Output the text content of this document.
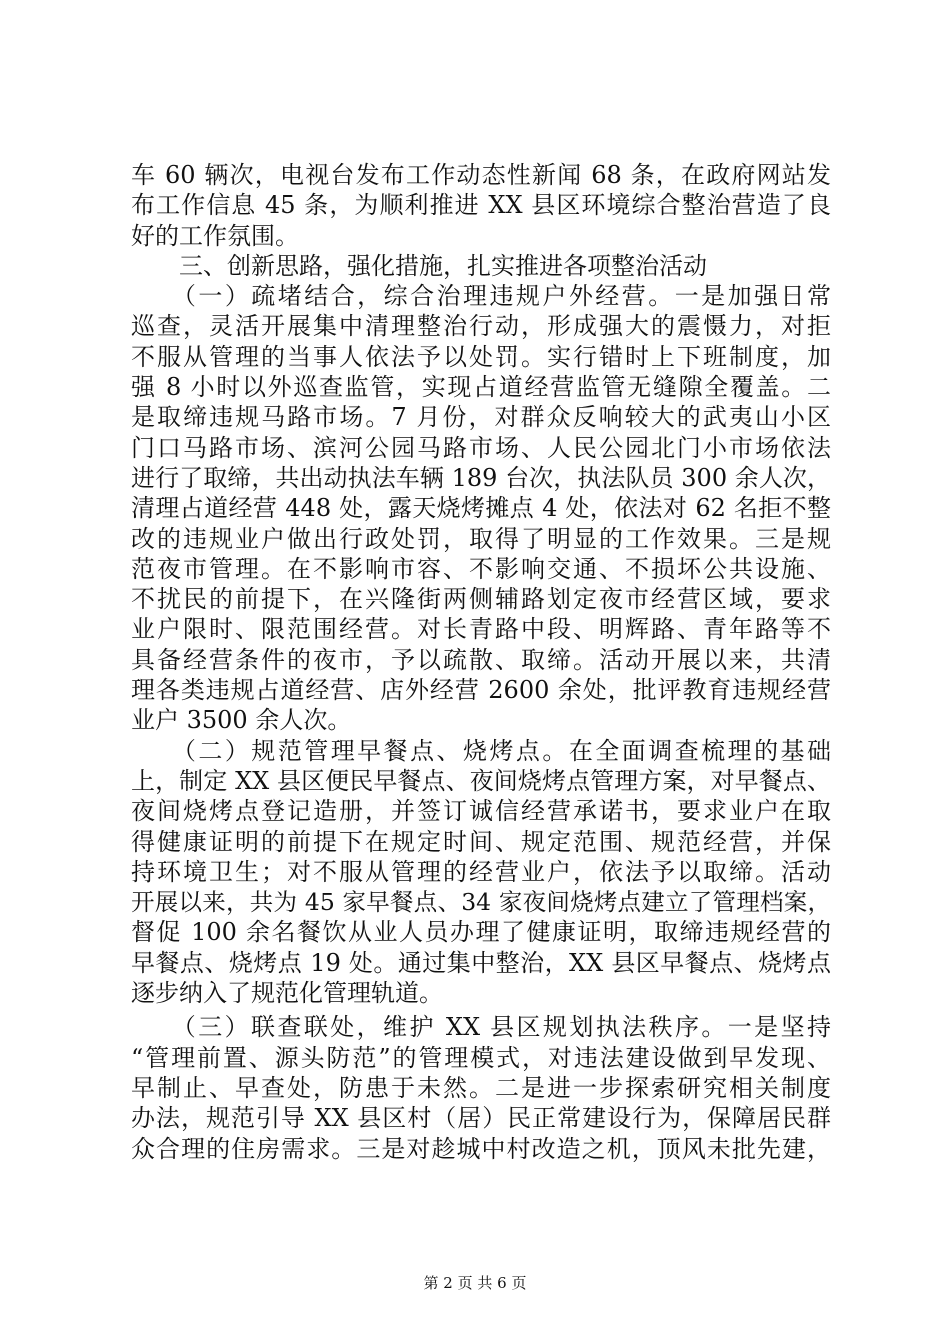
车 60 辆次，电视台发布工作动态性新闻 68 条，在政府网站发
布工作信息 45 条，为顺利推进 XX 县区环境综合整治营造了良
好的工作氛围。
　　三、创新思路，强化措施，扎实推进各项整治活动
　　（一）疏堵结合，综合治理违规户外经营。一是加强日常
巡查，灵活开展集中清理整治行动，形成强大的震慑力，对拒
不服从管理的当事人依法予以处罚。实行错时上下班制度，加
强 8 小时以外巡查监管，实现占道经营监管无缝隙全覆盖。二
是取缔违规马路市场。7 月份，对群众反响较大的武夷山小区
门口马路市场、滨河公园马路市场、人民公园北门小市场依法
进行了取缔，共出动执法车辆 189 台次，执法队员 300 余人次，
清理占道经营 448 处，露天烧烤摊点 4 处，依法对 62 名拒不整
改的违规业户做出行政处罚，取得了明显的工作效果。三是规
范夜市管理。在不影响市容、不影响交通、不损坏公共设施、
不扰民的前提下，在兴隆街两侧辅路划定夜市经营区域，要求
业户限时、限范围经营。对长青路中段、明辉路、青年路等不
具备经营条件的夜市，予以疏散、取缔。活动开展以来，共清
理各类违规占道经营、店外经营 2600 余处，批评教育违规经营
业户 3500 余人次。
　　（二）规范管理早餐点、烧烤点。在全面调查梳理的基础
上，制定 XX 县区便民早餐点、夜间烧烤点管理方案，对早餐点、
夜间烧烤点登记造册，并签订诚信经营承诺书，要求业户在取
得健康证明的前提下在规定时间、规定范围、规范经营，并保
持环境卫生；对不服从管理的经营业户，依法予以取缔。活动
开展以来，共为 45 家早餐点、34 家夜间烧烤点建立了管理档案，
督促 100 余名餐饮从业人员办理了健康证明，取缔违规经营的
早餐点、烧烤点 19 处。通过集中整治，XX 县区早餐点、烧烤点
逐步纳入了规范化管理轨道。
　　（三）联查联处，维护 XX 县区规划执法秩序。一是坚持
“管理前置、源头防范”的管理模式，对违法建设做到早发现、
早制止、早查处，防患于未然。二是进一步探索研究相关制度
办法，规范引导 XX 县区村（居）民正常建设行为，保障居民群
众合理的住房需求。三是对趁城中村改造之机，顶风未批先建，
第 2 页 共 6 页
